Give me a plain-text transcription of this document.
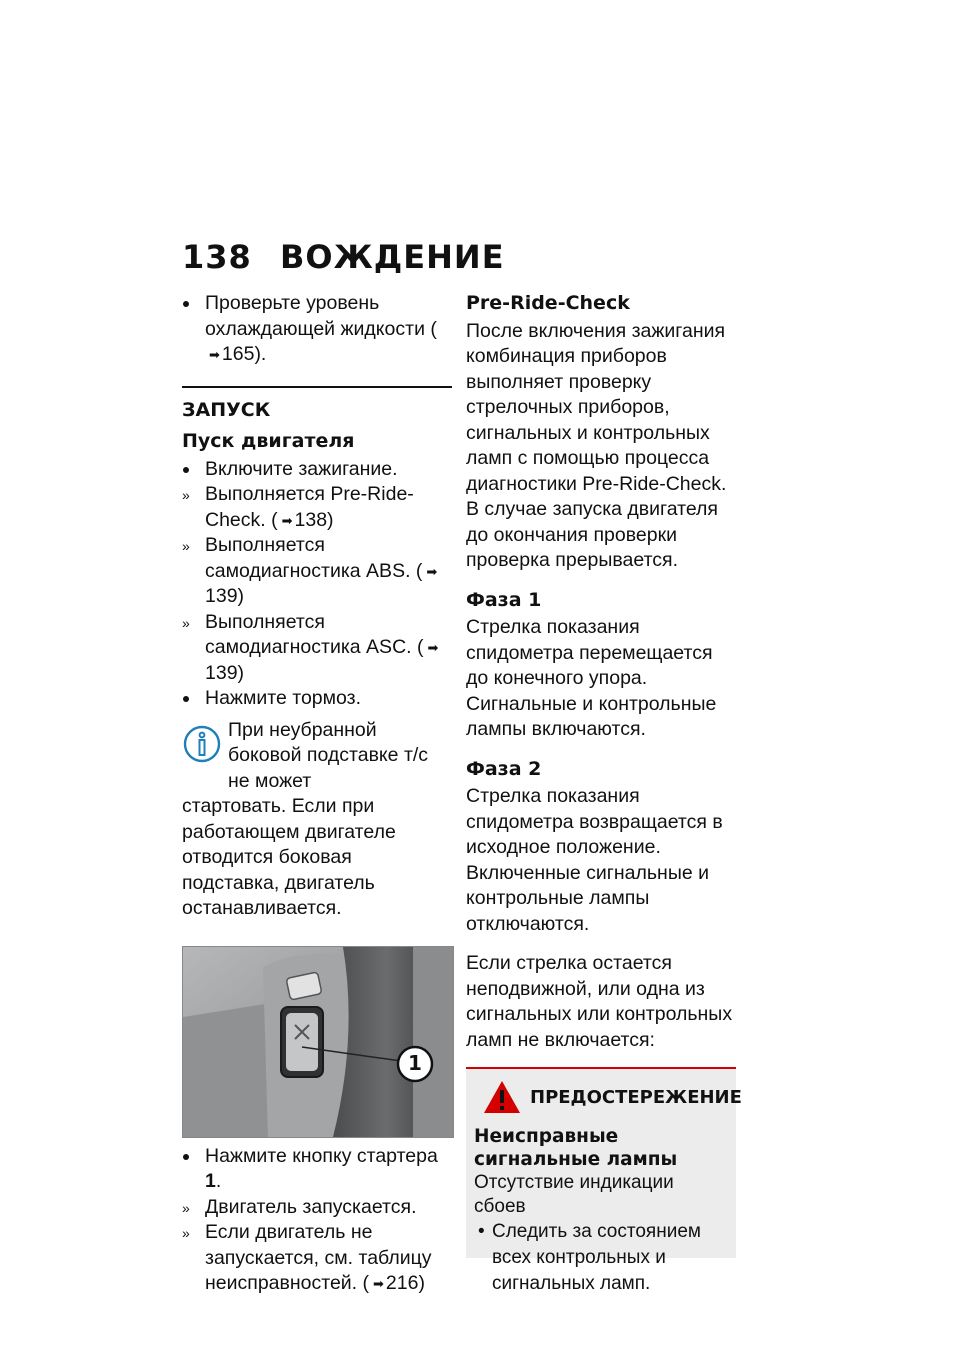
138 ВОЖДЕНИЕ
Проверьте уровень охлаждающей жидкости (➡ 165).
ЗАПУСК
Пуск двигателя
Включите зажигание.
» Выполняется Pre-Ride-Check. ( ➡ 138)
» Выполняется самодиагностика ABS. ( ➡139)
» Выполняется самодиагностика ASC. ( ➡139)
Нажмите тормоз.
При неубранной боковой подставке т/с не может
стартовать. Если при работающем двигателе отводится боковая подставка, двигатель останавливается.
1
Нажмите кнопку стартера 1.
» Двигатель запускается.
» Если двигатель не запускается, см. таблицу неисправностей. ( ➡ 216)
Pre-Ride-Check
После включения зажигания комбинация приборов выполняет проверку стрелочных приборов, сигнальных и контрольных ламп с помощью процесса диагностики Pre-Ride-Check.
В случае запуска двигателя до окончания проверки проверка прерывается.
Фаза 1
Стрелка показания спидометра перемещается до конечного упора. Сигнальные и контрольные лампы включаются.
Фаза 2
Стрелка показания спидометра возвращается в исходное положение. Включенные сигнальные и контрольные лампы отключаются.
Если стрелка остается неподвижной, или одна из сигнальных или контрольных ламп не включается:
ПРЕДОСТЕРЕЖЕНИЕ
Неисправные сигнальные лампы
Отсутствие индикации сбоев
• Следить за состоянием всех контрольных и сигнальных ламп.
